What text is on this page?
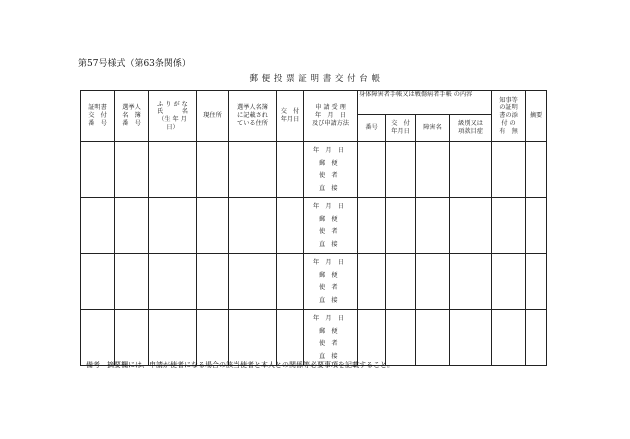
第57号様式（第63条関係）
郵 便 投 票 証 明 書 交 付 台 帳
証明書
交　付
番　号	選挙人
名　簿
番　号	ふ り が な
氏　　　名
（生 年 月
日）	現住所	選挙人名簿
に記載され
ている住所	交　付
年月日	申 請 受 理
年　月　日
及び申請方法	身体障害者手帳又は戦傷病者手帳 の内容				知事等
の証明
書の添
付 の
有　無	摘要
							番号	交　付
年月日	障害名	級別又は
項款目症		

						年　月　日
郵　便
使　者
直　接						

						年　月　日
郵　便
使　者
直　接						

						年　月　日
郵　便
使　者
直　接						

						年　月　日
郵　便
使　者
直　接						

備考　摘要欄には、申請が使者になる場合の該当使者と本人との関係等必要事項を記載すること。
